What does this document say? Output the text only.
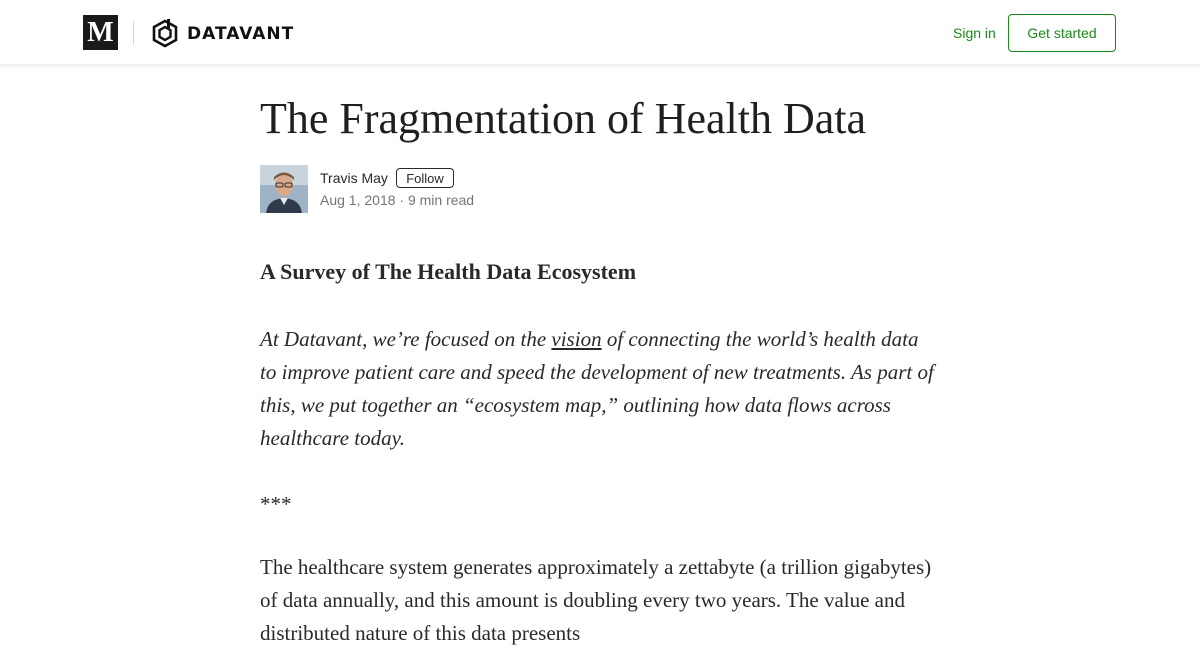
M	DATAVANT	Sign in	Get started
The Fragmentation of Health Data
Travis May	Follow
Aug 1, 2018 · 9 min read
A Survey of The Health Data Ecosystem

At Datavant, we’re focused on the vision of connecting the world’s health data to improve patient care and speed the development of new treatments. As part of this, we put together an “ecosystem map,” outlining how data flows across healthcare today.

***

The healthcare system generates approximately a zettabyte (a trillion gigabytes) of data annually, and this amount is doubling every two years. The value and distributed nature of this data presents
